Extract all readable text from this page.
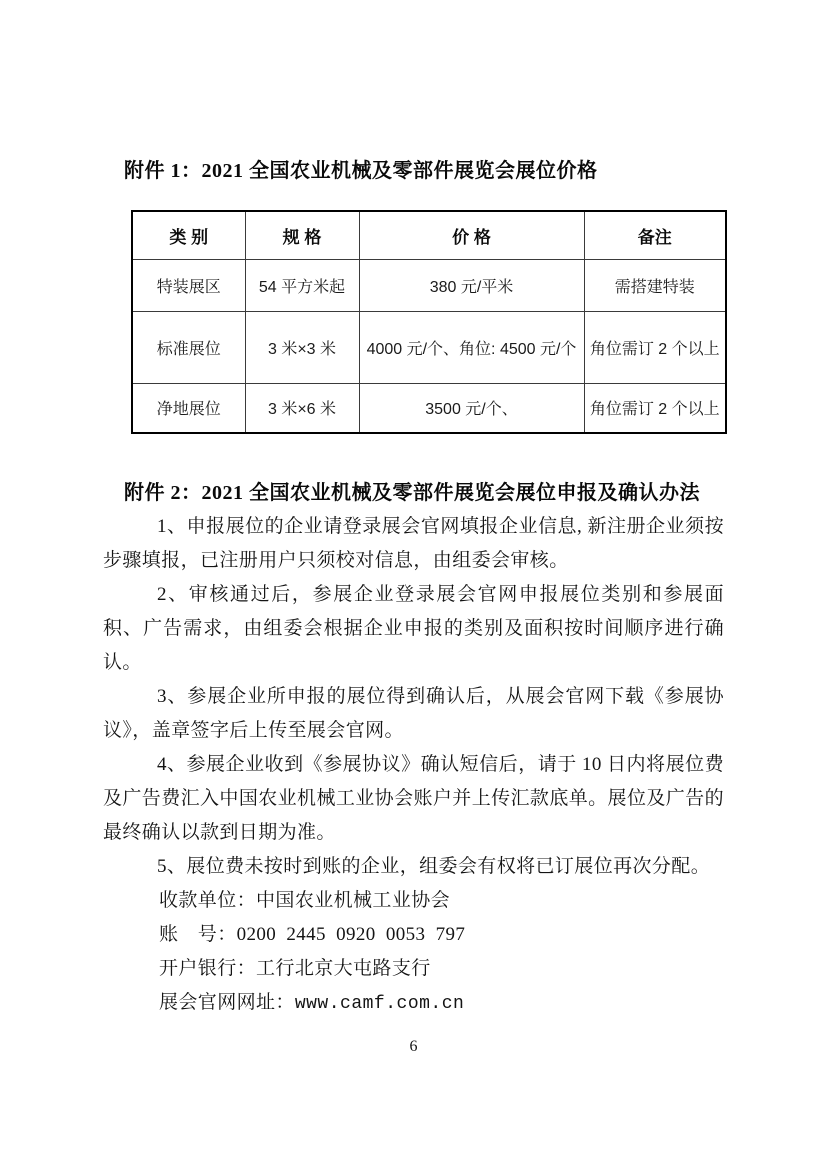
附件 1：2021 全国农业机械及零部件展览会展位价格
类 别	规 格	价 格	备注
特装展区	54 平方米起	380 元/平米	需搭建特装
标准展位	3 米×3 米	4000 元/个、角位: 4500 元/个	角位需订 2 个以上
净地展位	3 米×6 米	3500 元/个、	角位需订 2 个以上
附件 2：2021 全国农业机械及零部件展览会展位申报及确认办法

1、申报展位的企业请登录展会官网填报企业信息, 新注册企业须按步骤填报，已注册用户只须校对信息，由组委会审核。

2、审核通过后，参展企业登录展会官网申报展位类别和参展面积、广告需求，由组委会根据企业申报的类别及面积按时间顺序进行确认。

3、参展企业所申报的展位得到确认后，从展会官网下载《参展协议》，盖章签字后上传至展会官网。

4、参展企业收到《参展协议》确认短信后，请于 10 日内将展位费及广告费汇入中国农业机械工业协会账户并上传汇款底单。展位及广告的最终确认以款到日期为准。

5、展位费未按时到账的企业，组委会有权将已订展位再次分配。

收款单位：中国农业机械工业协会

账　号：0200 2445 0920 0053 797

开户银行：工行北京大屯路支行

展会官网网址：www.camf.com.cn

6
